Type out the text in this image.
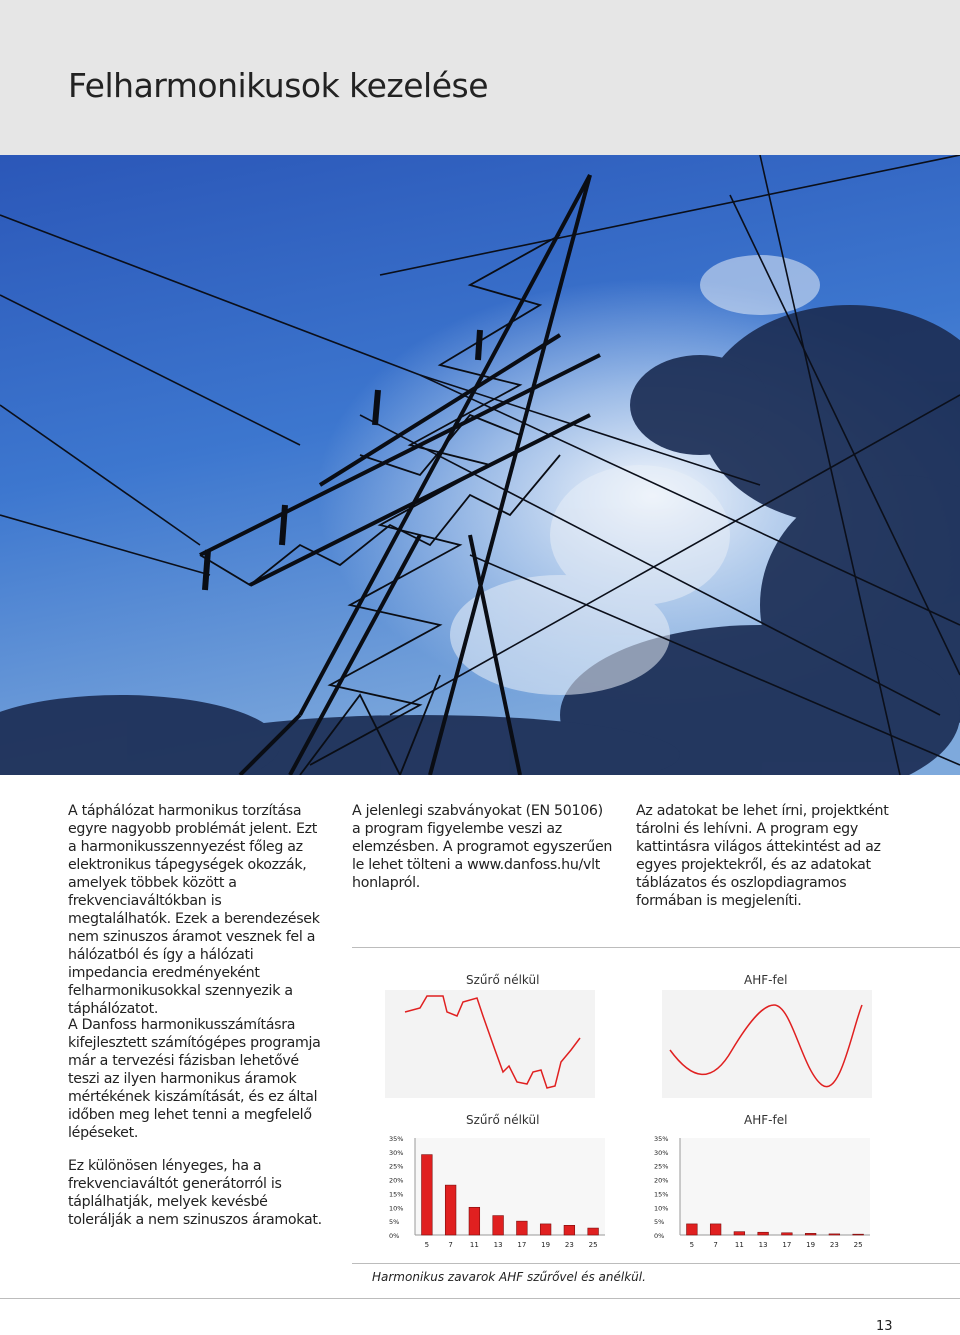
Felharmonikusok kezelése
A táphálózat harmonikus torzítása egyre nagyobb problémát jelent. Ezt a harmonikusszennyezést főleg az elektronikus tápegységek okozzák, amelyek többek között a frekvenciaváltókban is megtalálhatók. Ezek a berendezések nem szinuszos áramot vesznek fel a hálózatból és így a hálózati impedancia eredményeként felharmonikusokkal szennyezik a táphálózatot.
A Danfoss harmonikusszámításra kifejlesztett számítógépes programja már a tervezési fázisban lehetővé teszi az ilyen harmonikus áramok mértékének kiszámítását, és ez által időben meg lehet tenni a megfelelő lépéseket.
Ez különösen lényeges, ha a frekvenciaváltót generátorról is táplálhatják, melyek kevésbé tolerálják a nem szinuszos áramokat.
A jelenlegi szabványokat (EN 50106) a program figyelembe veszi az elemzésben. A programot egyszerűen le lehet tölteni a www.danfoss.hu/vlt honlapról.
Az adatokat be lehet írni, projektként tárolni és lehívni. A program egy kattintásra világos áttekintést ad az egyes projektekről, és az adatokat táblázatos és oszlopdiagramos formában is megjeleníti.
Szűrő nélkül	AHF-fel
Szűrő nélkül	AHF-fel
0%
5%
10%
15%
20%
25%
30%
35%
5	7 11 13 17 19 23 25
0%
5%
10%
15%
20%
25%
30%
35%
5	7 11 13 17 19 23 25

Harmonikus zavarok AHF szűrővel és anélkül.

13
